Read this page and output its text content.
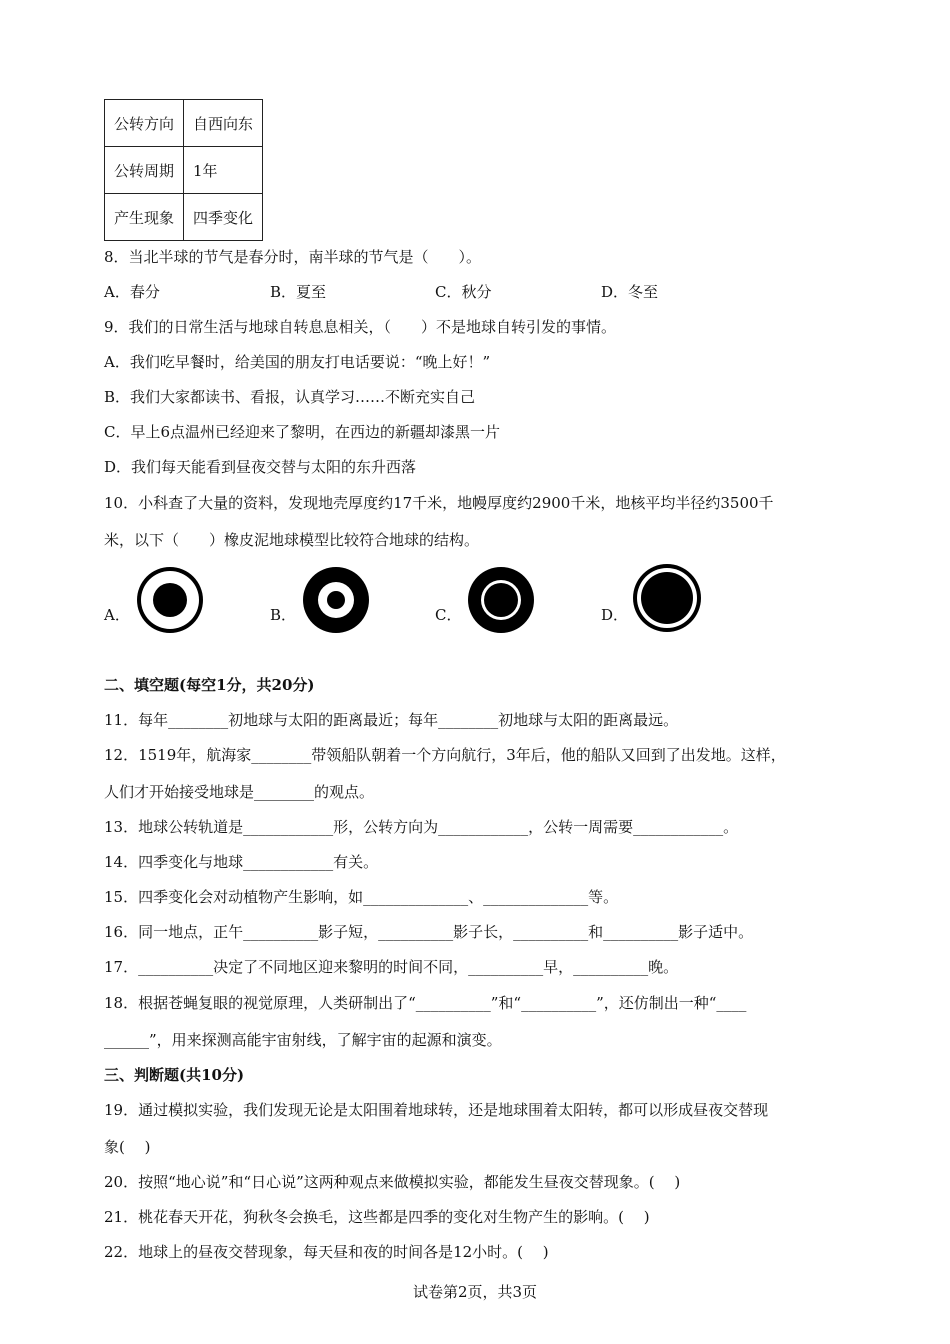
公转方向	自西向东
公转周期	1年
产生现象	四季变化
8．当北半球的节气是春分时，南半球的节气是（　　）。
A．春分	B．夏至	C．秋分	D．冬至
9．我们的日常生活与地球自转息息相关，（　　）不是地球自转引发的事情。
A．我们吃早餐时，给美国的朋友打电话要说：“晚上好！”
B．我们大家都读书、看报，认真学习……不断充实自己
C．早上6点温州已经迎来了黎明，在西边的新疆却漆黑一片
D．我们每天能看到昼夜交替与太阳的东升西落
10．小科查了大量的资料，发现地壳厚度约17千米，地幔厚度约2900千米，地核平均半径约3500千
米，以下（　　）橡皮泥地球模型比较符合地球的结构。
A．	B．	C．	D．
二、填空题(每空1分，共20分)
11．每年________初地球与太阳的距离最近；每年________初地球与太阳的距离最远。
12．1519年，航海家________带领船队朝着一个方向航行，3年后，他的船队又回到了出发地。这样，
人们才开始接受地球是________的观点。
13．地球公转轨道是____________形，公转方向为____________，公转一周需要____________。
14．四季变化与地球____________有关。
15．四季变化会对动植物产生影响，如______________、______________等。
16．同一地点，正午__________影子短，__________影子长，__________和__________影子适中。
17．__________决定了不同地区迎来黎明的时间不同，__________早，__________晚。
18．根据苍蝇复眼的视觉原理，人类研制出了“__________”和“__________”，还仿制出一种“____
______”，用来探测高能宇宙射线，了解宇宙的起源和演变。
三、判断题(共10分)
19．通过模拟实验，我们发现无论是太阳围着地球转，还是地球围着太阳转，都可以形成昼夜交替现
象(　 )
20．按照“地心说”和“日心说”这两种观点来做模拟实验，都能发生昼夜交替现象。(　 )
21．桃花春天开花，狗秋冬会换毛，这些都是四季的变化对生物产生的影响。(　 )
22．地球上的昼夜交替现象，每天昼和夜的时间各是12小时。(　 )
试卷第2页，共3页
